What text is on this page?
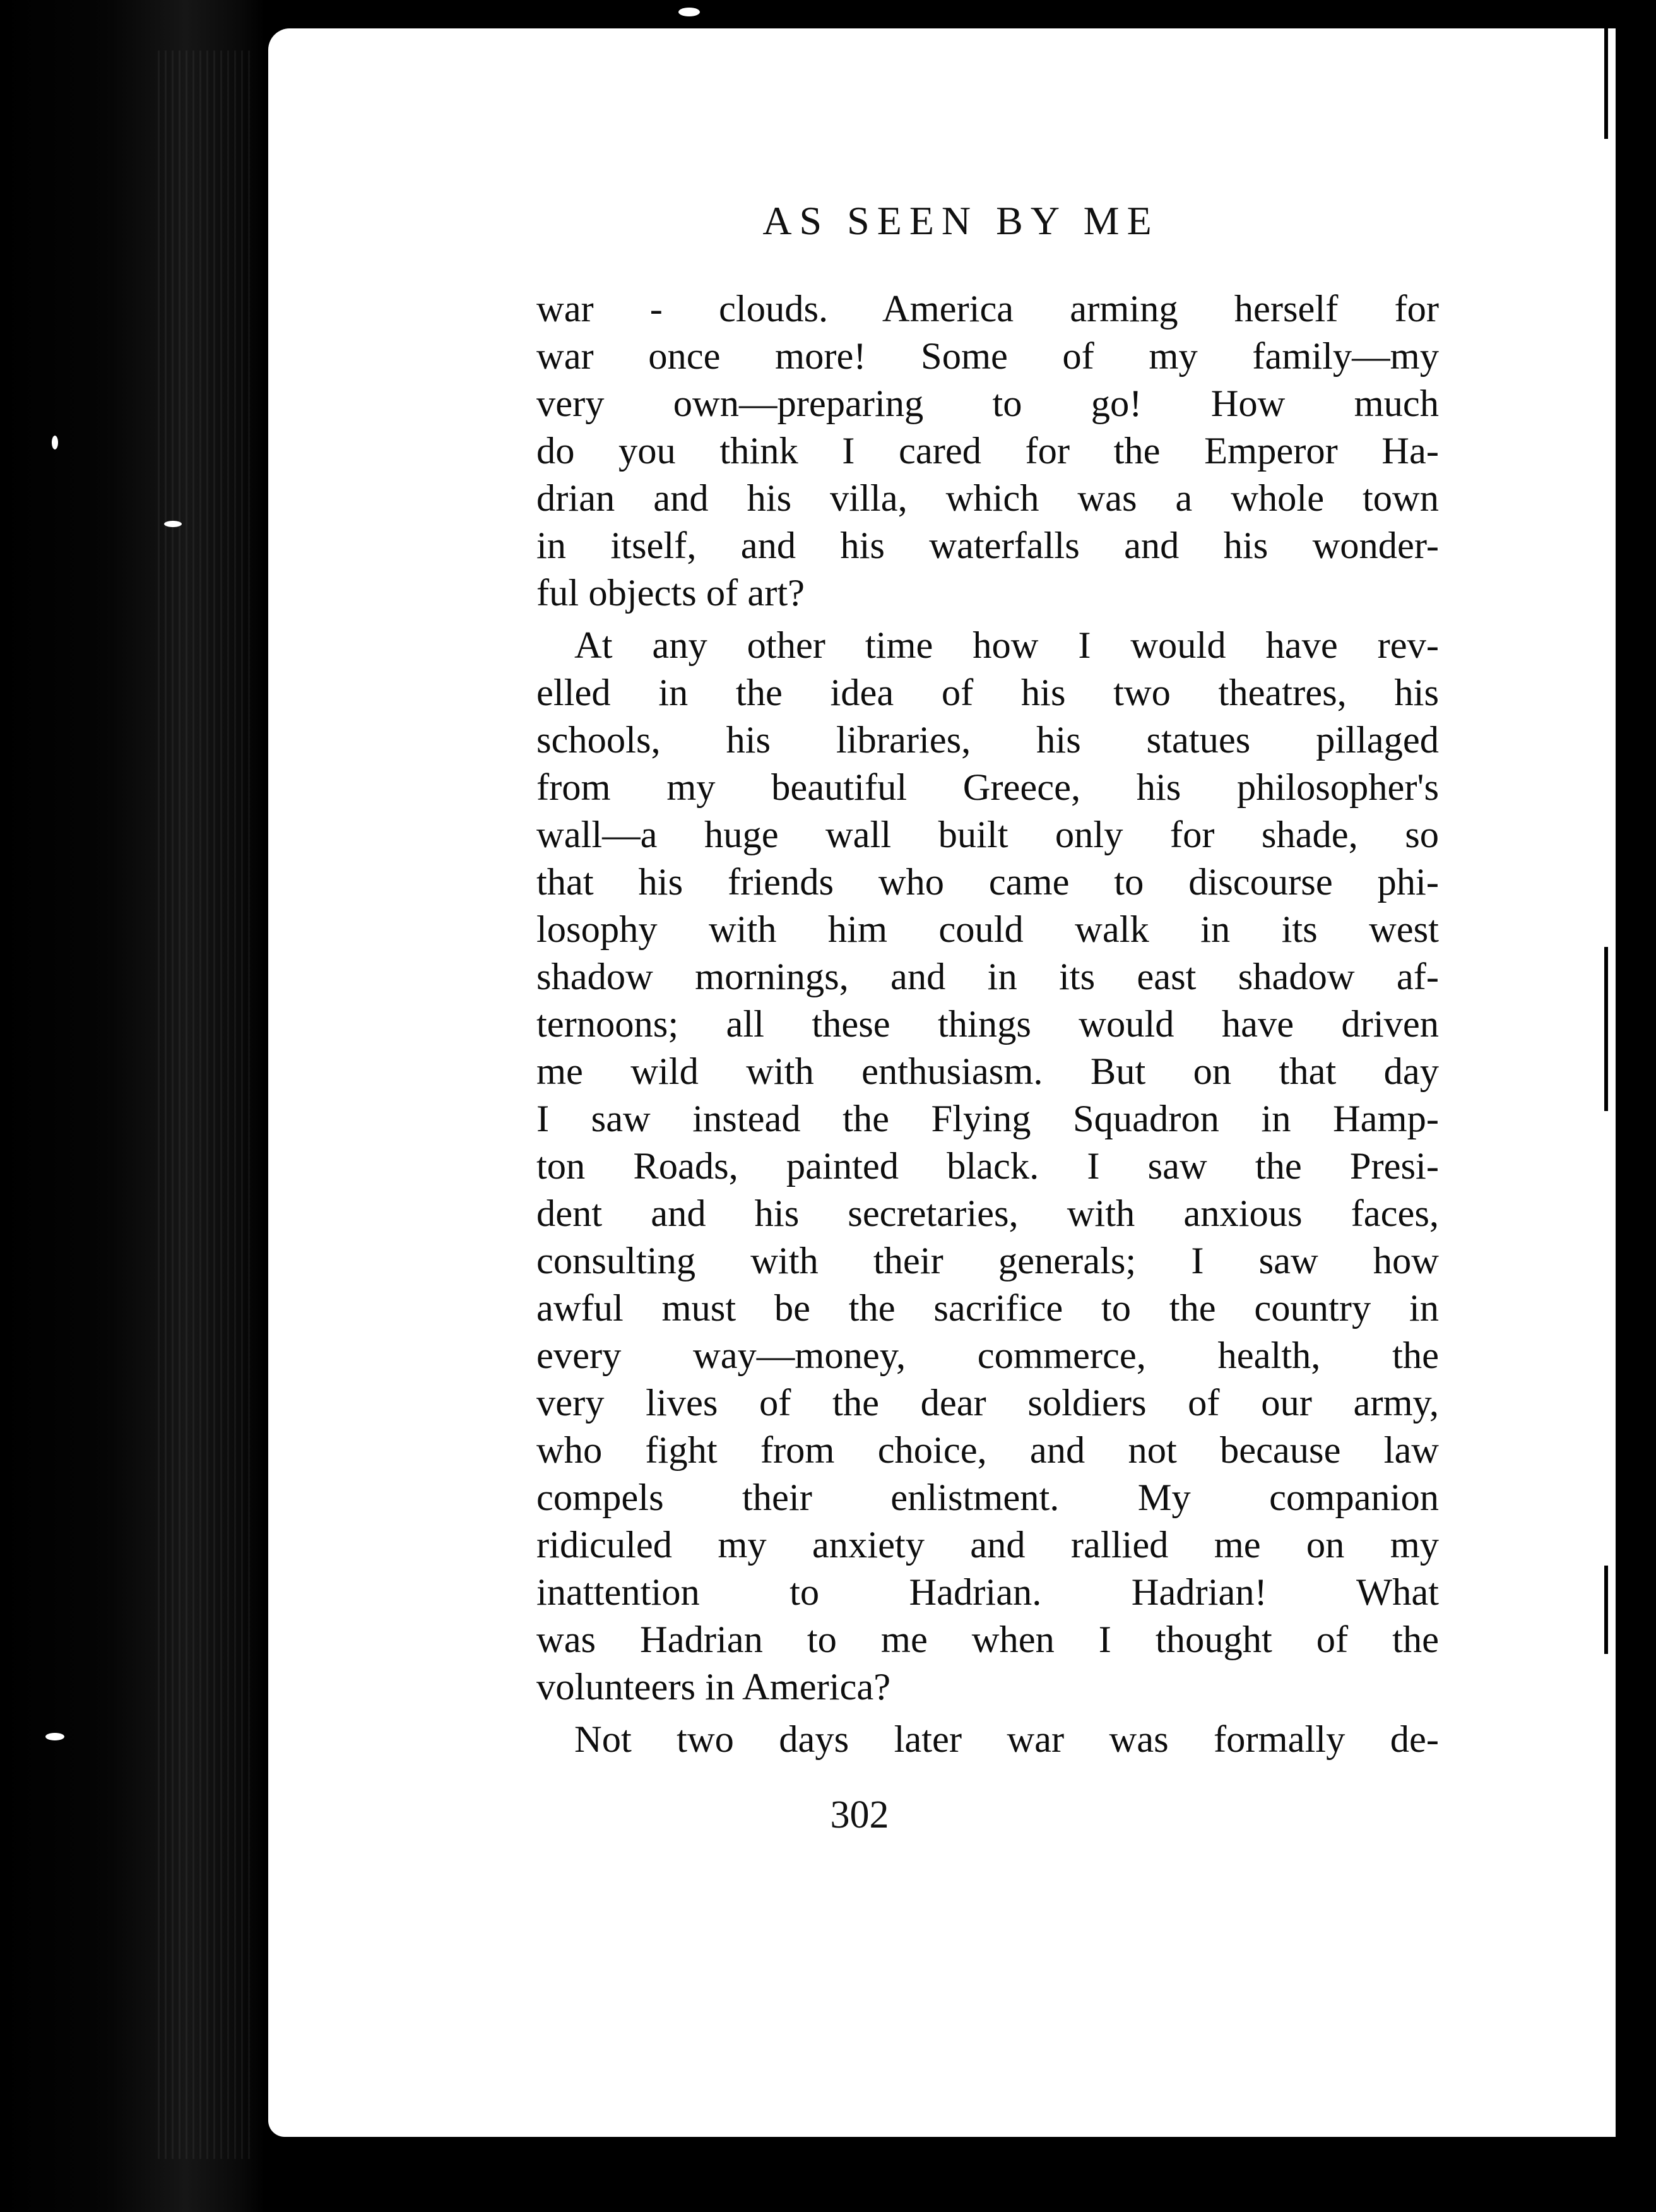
AS SEEN BY ME
war - clouds. America arming herself for
war once more! Some of my family—my
very own—preparing to go! How much
do you think I cared for the Emperor Ha-
drian and his villa, which was a whole town
in itself, and his waterfalls and his wonder-
ful objects of art?
At any other time how I would have rev-
elled in the idea of his two theatres, his
schools, his libraries, his statues pillaged
from my beautiful Greece, his philosopher's
wall—a huge wall built only for shade, so
that his friends who came to discourse phi-
losophy with him could walk in its west
shadow mornings, and in its east shadow af-
ternoons; all these things would have driven
me wild with enthusiasm. But on that day
I saw instead the Flying Squadron in Hamp-
ton Roads, painted black. I saw the Presi-
dent and his secretaries, with anxious faces,
consulting with their generals; I saw how
awful must be the sacrifice to the country in
every way—money, commerce, health, the
very lives of the dear soldiers of our army,
who fight from choice, and not because law
compels their enlistment. My companion
ridiculed my anxiety and rallied me on my
inattention to Hadrian. Hadrian! What
was Hadrian to me when I thought of the
volunteers in America?
Not two days later war was formally de-
302
